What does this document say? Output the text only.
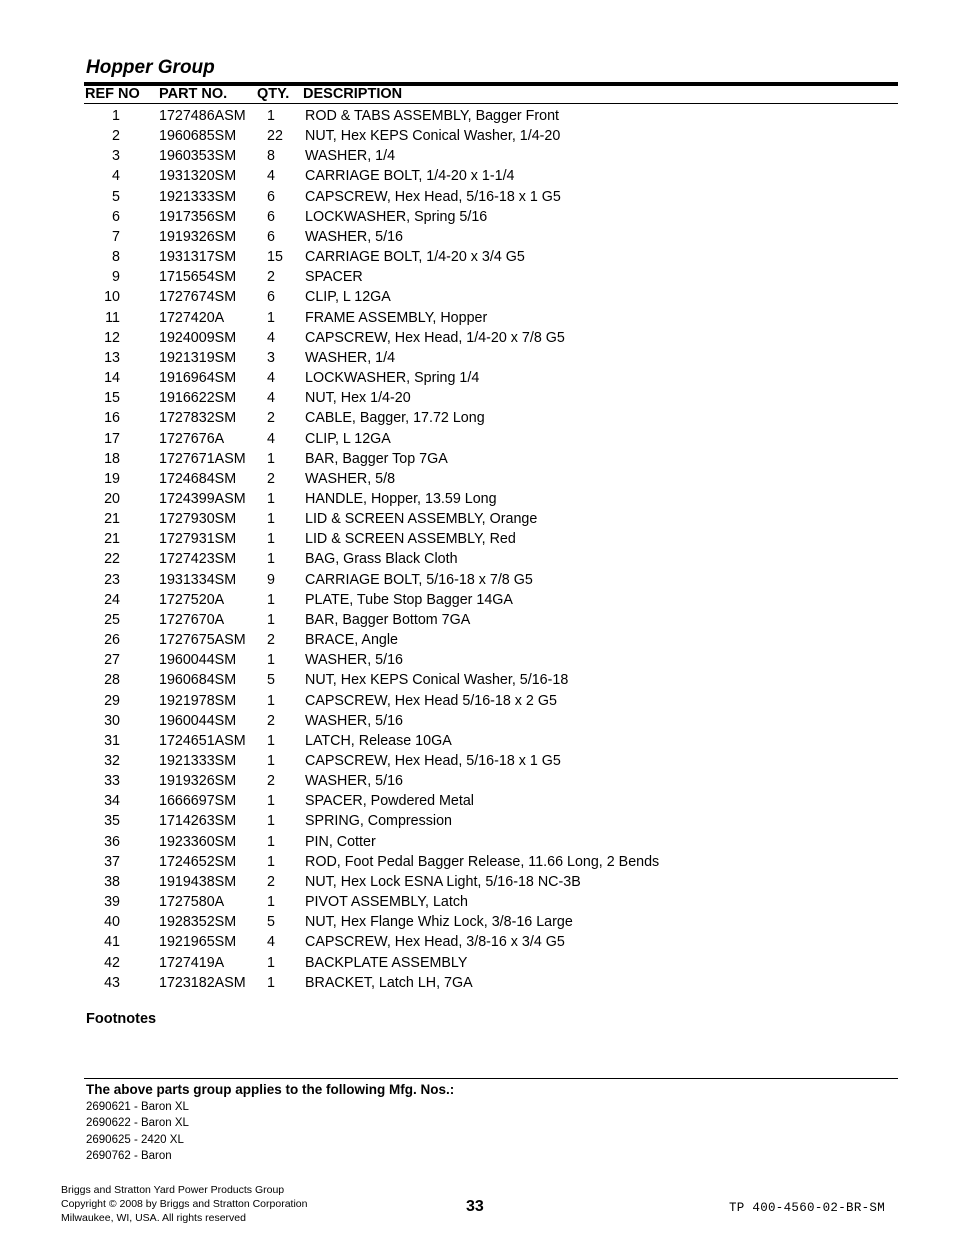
Hopper Group
REF NO PART NO. QTY. DESCRIPTION
1	1727486ASM 1 ROD & TABS ASSEMBLY, Bagger Front
2	1960685SM 22 NUT, Hex KEPS Conical Washer, 1/4-20
3	1960353SM 8 WASHER, 1/4
4	1931320SM 4 CARRIAGE BOLT, 1/4-20 x 1-1/4
5	1921333SM 6 CAPSCREW, Hex Head, 5/16-18 x 1 G5
6	1917356SM 6 LOCKWASHER, Spring 5/16
7	1919326SM 6 WASHER, 5/16
8	1931317SM 15 CARRIAGE BOLT, 1/4-20 x 3/4 G5
9	1715654SM 2 SPACER
10	1727674SM 6 CLIP, L 12GA
11	1727420A	1 FRAME ASSEMBLY, Hopper
12	1924009SM 4 CAPSCREW, Hex Head, 1/4-20 x 7/8 G5
13	1921319SM 3 WASHER, 1/4
14	1916964SM 4 LOCKWASHER, Spring 1/4
15	1916622SM 4 NUT, Hex 1/4-20
16	1727832SM 2 CABLE, Bagger, 17.72 Long
17	1727676A	4 CLIP, L 12GA
18	1727671ASM 1 BAR, Bagger Top 7GA
19	1724684SM 2 WASHER, 5/8
20	1724399ASM 1 HANDLE, Hopper, 13.59 Long
21	1727930SM 1 LID & SCREEN ASSEMBLY, Orange
21	1727931SM 1 LID & SCREEN ASSEMBLY, Red
22	1727423SM 1 BAG, Grass Black Cloth
23	1931334SM 9 CARRIAGE BOLT, 5/16-18 x 7/8 G5
24	1727520A	1 PLATE, Tube Stop Bagger 14GA
25	1727670A	1 BAR, Bagger Bottom 7GA
26	1727675ASM 2 BRACE, Angle
27	1960044SM 1 WASHER, 5/16
28	1960684SM 5 NUT, Hex KEPS Conical Washer, 5/16-18
29	1921978SM 1 CAPSCREW, Hex Head 5/16-18 x 2 G5
30	1960044SM 2 WASHER, 5/16
31	1724651ASM 1 LATCH, Release 10GA
32	1921333SM 1 CAPSCREW, Hex Head, 5/16-18 x 1 G5
33	1919326SM 2 WASHER, 5/16
34	1666697SM 1 SPACER, Powdered Metal
35	1714263SM 1 SPRING, Compression
36	1923360SM 1 PIN, Cotter
37	1724652SM 1 ROD, Foot Pedal Bagger Release, 11.66 Long, 2 Bends
38	1919438SM 2 NUT, Hex Lock ESNA Light, 5/16-18 NC-3B
39	1727580A	1 PIVOT ASSEMBLY, Latch
40	1928352SM 5 NUT, Hex Flange Whiz Lock, 3/8-16 Large
41	1921965SM 4 CAPSCREW, Hex Head, 3/8-16 x 3/4 G5
42	1727419A	1 BACKPLATE ASSEMBLY
43	1723182ASM 1 BRACKET, Latch LH, 7GA
Footnotes
The above parts group applies to the following Mfg. Nos.:
2690621 - Baron XL
2690622 - Baron XL
2690625 - 2420 XL
2690762 - Baron
Briggs and Stratton Yard Power Products Group
Copyright © 2008 by Briggs and Stratton Corporation
Milwaukee, WI, USA. All rights reserved
33	TP 400-4560-02-BR-SM
